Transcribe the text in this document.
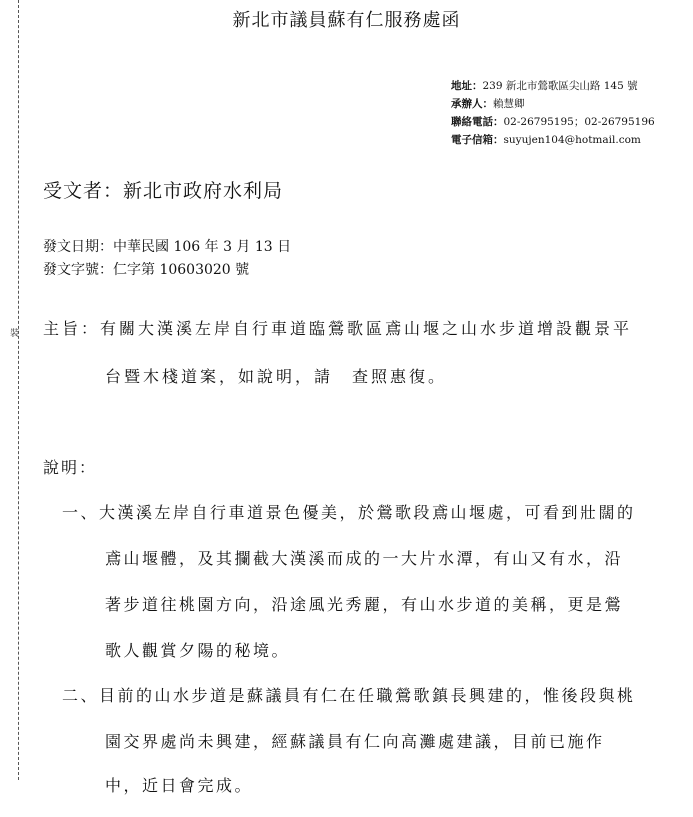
裝
新北市議員蘇有仁服務處函
地址：239 新北市鶯歌區尖山路 145 號
承辦人：賴慧卿
聯絡電話：02-26795195；02-26795196
電子信箱：suyujen104@hotmail.com
受文者：新北市政府水利局
發文日期：中華民國 106 年 3 月 13 日
發文字號：仁字第 10603020 號
主旨：有關大漢溪左岸自行車道臨鶯歌區鳶山堰之山水步道增設觀景平
台暨木棧道案，如說明，請　查照惠復。
說明：
一、大漢溪左岸自行車道景色優美，於鶯歌段鳶山堰處，可看到壯闊的
鳶山堰體，及其攔截大漢溪而成的一大片水潭，有山又有水，沿
著步道往桃園方向，沿途風光秀麗，有山水步道的美稱，更是鶯
歌人觀賞夕陽的秘境。
二、目前的山水步道是蘇議員有仁在任職鶯歌鎮長興建的，惟後段與桃
園交界處尚未興建，經蘇議員有仁向高灘處建議，目前已施作
中，近日會完成。
